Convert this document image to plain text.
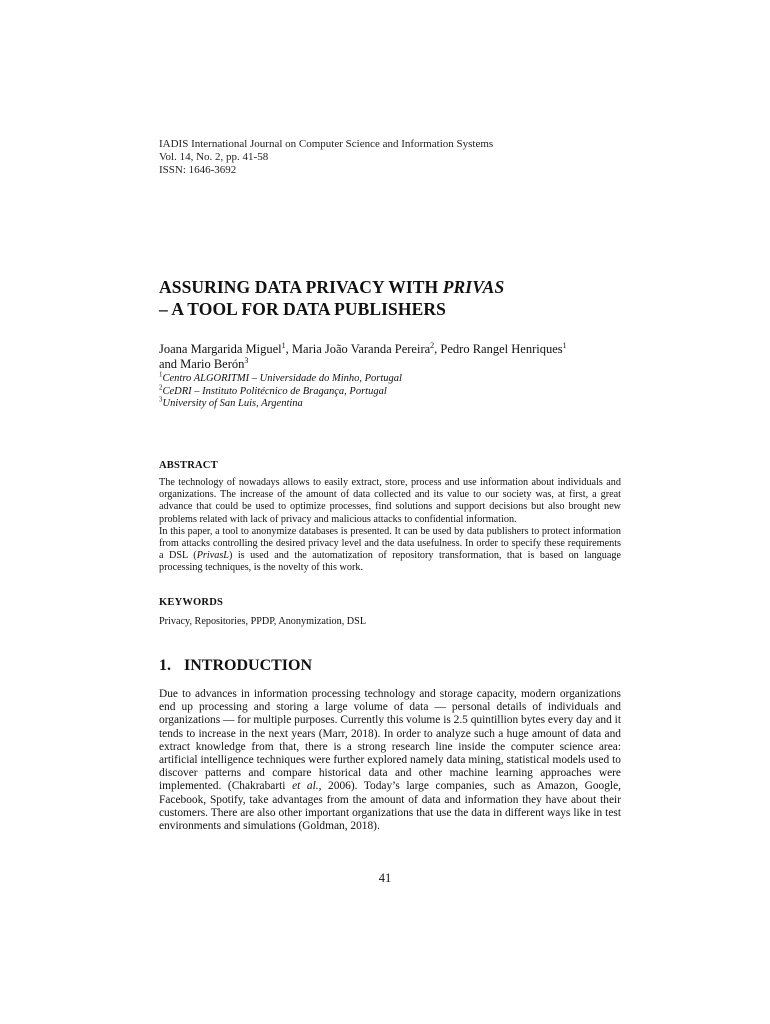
IADIS International Journal on Computer Science and Information Systems
Vol. 14, No. 2, pp. 41-58
ISSN: 1646-3692
ASSURING DATA PRIVACY WITH PRIVAS
– A TOOL FOR DATA PUBLISHERS
Joana Margarida Miguel$^1$, Maria João Varanda Pereira$^2$, Pedro Rangel Henriques$^1$
and Mario Berón$^3$
$^1$Centro ALGORITMI – Universidade do Minho, Portugal
$^2$CeDRI – Instituto Politécnico de Bragança, Portugal
$^3$University of San Luis, Argentina
ABSTRACT

The technology of nowadays allows to easily extract, store, process and use information about individuals and organizations. The increase of the amount of data collected and its value to our society was, at first, a great advance that could be used to optimize processes, find solutions and support decisions but also brought new problems related with lack of privacy and malicious attacks to confidential information.

In this paper, a tool to anonymize databases is presented. It can be used by data publishers to protect information from attacks controlling the desired privacy level and the data usefulness. In order to specify these requirements a DSL (PrivasL) is used and the automatization of repository transformation, that is based on language processing techniques, is the novelty of this work.

KEYWORDS
Privacy, Repositories, PPDP, Anonymization, DSL
1. INTRODUCTION

Due to advances in information processing technology and storage capacity, modern organizations end up processing and storing a large volume of data — personal details of individuals and organizations — for multiple purposes. Currently this volume is 2.5 quintillion bytes every day and it tends to increase in the next years (Marr, 2018). In order to analyze such a huge amount of data and extract knowledge from that, there is a strong research line inside the computer science area: artificial intelligence techniques were further explored namely data mining, statistical models used to discover patterns and compare historical data and other machine learning approaches were implemented. (Chakrabarti et al., 2006). Today’s large companies, such as Amazon, Google, Facebook, Spotify, take advantages from the amount of data and information they have about their customers. There are also other important organizations that use the data in different ways like in test environments and simulations (Goldman, 2018).

41
